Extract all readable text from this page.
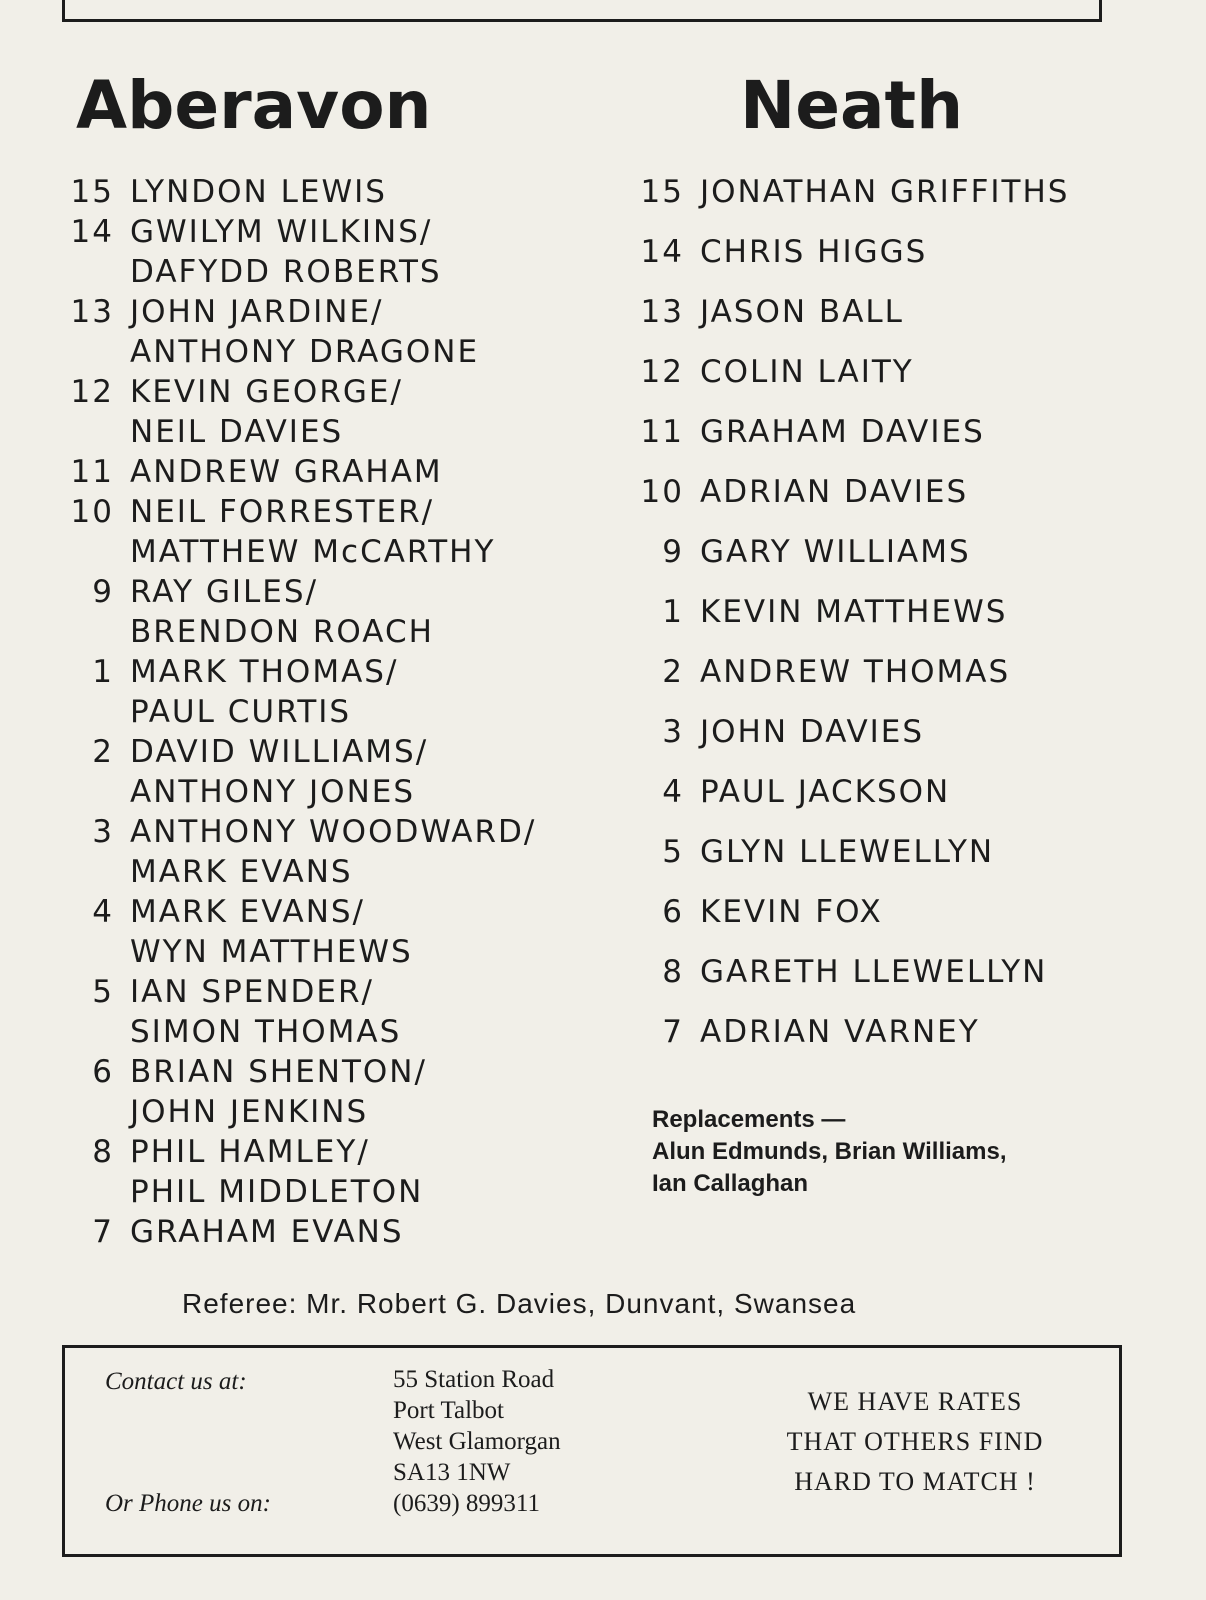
Aberavon	Neath
15 LYNDON LEWIS
14 GWILYM WILKINS/
DAFYDD ROBERTS
13 JOHN JARDINE/
ANTHONY DRAGONE
12 KEVIN GEORGE/
NEIL DAVIES
11 ANDREW GRAHAM
10 NEIL FORRESTER/
MATTHEW McCARTHY
9 RAY GILES/
BRENDON ROACH
1 MARK THOMAS/
PAUL CURTIS
2 DAVID WILLIAMS/
ANTHONY JONES
3 ANTHONY WOODWARD/
MARK EVANS
4 MARK EVANS/
WYN MATTHEWS
5 IAN SPENDER/
SIMON THOMAS
6 BRIAN SHENTON/
JOHN JENKINS
8 PHIL HAMLEY/
PHIL MIDDLETON
7 GRAHAM EVANS
15 JONATHAN GRIFFITHS
14 CHRIS HIGGS
13 JASON BALL
12 COLIN LAITY
11 GRAHAM DAVIES
10 ADRIAN DAVIES
9 GARY WILLIAMS
1 KEVIN MATTHEWS
2 ANDREW THOMAS
3 JOHN DAVIES
4 PAUL JACKSON
5 GLYN LLEWELLYN
6 KEVIN FOX
8 GARETH LLEWELLYN
7 ADRIAN VARNEY
Replacements —
Alun Edmunds, Brian Williams,
Ian Callaghan
Referee: Mr. Robert G. Davies, Dunvant, Swansea
Contact us at:
Or Phone us on:
55 Station Road
Port Talbot
West Glamorgan
SA13 1NW
(0639) 899311
WE HAVE RATES
THAT OTHERS FIND
HARD TO MATCH !
